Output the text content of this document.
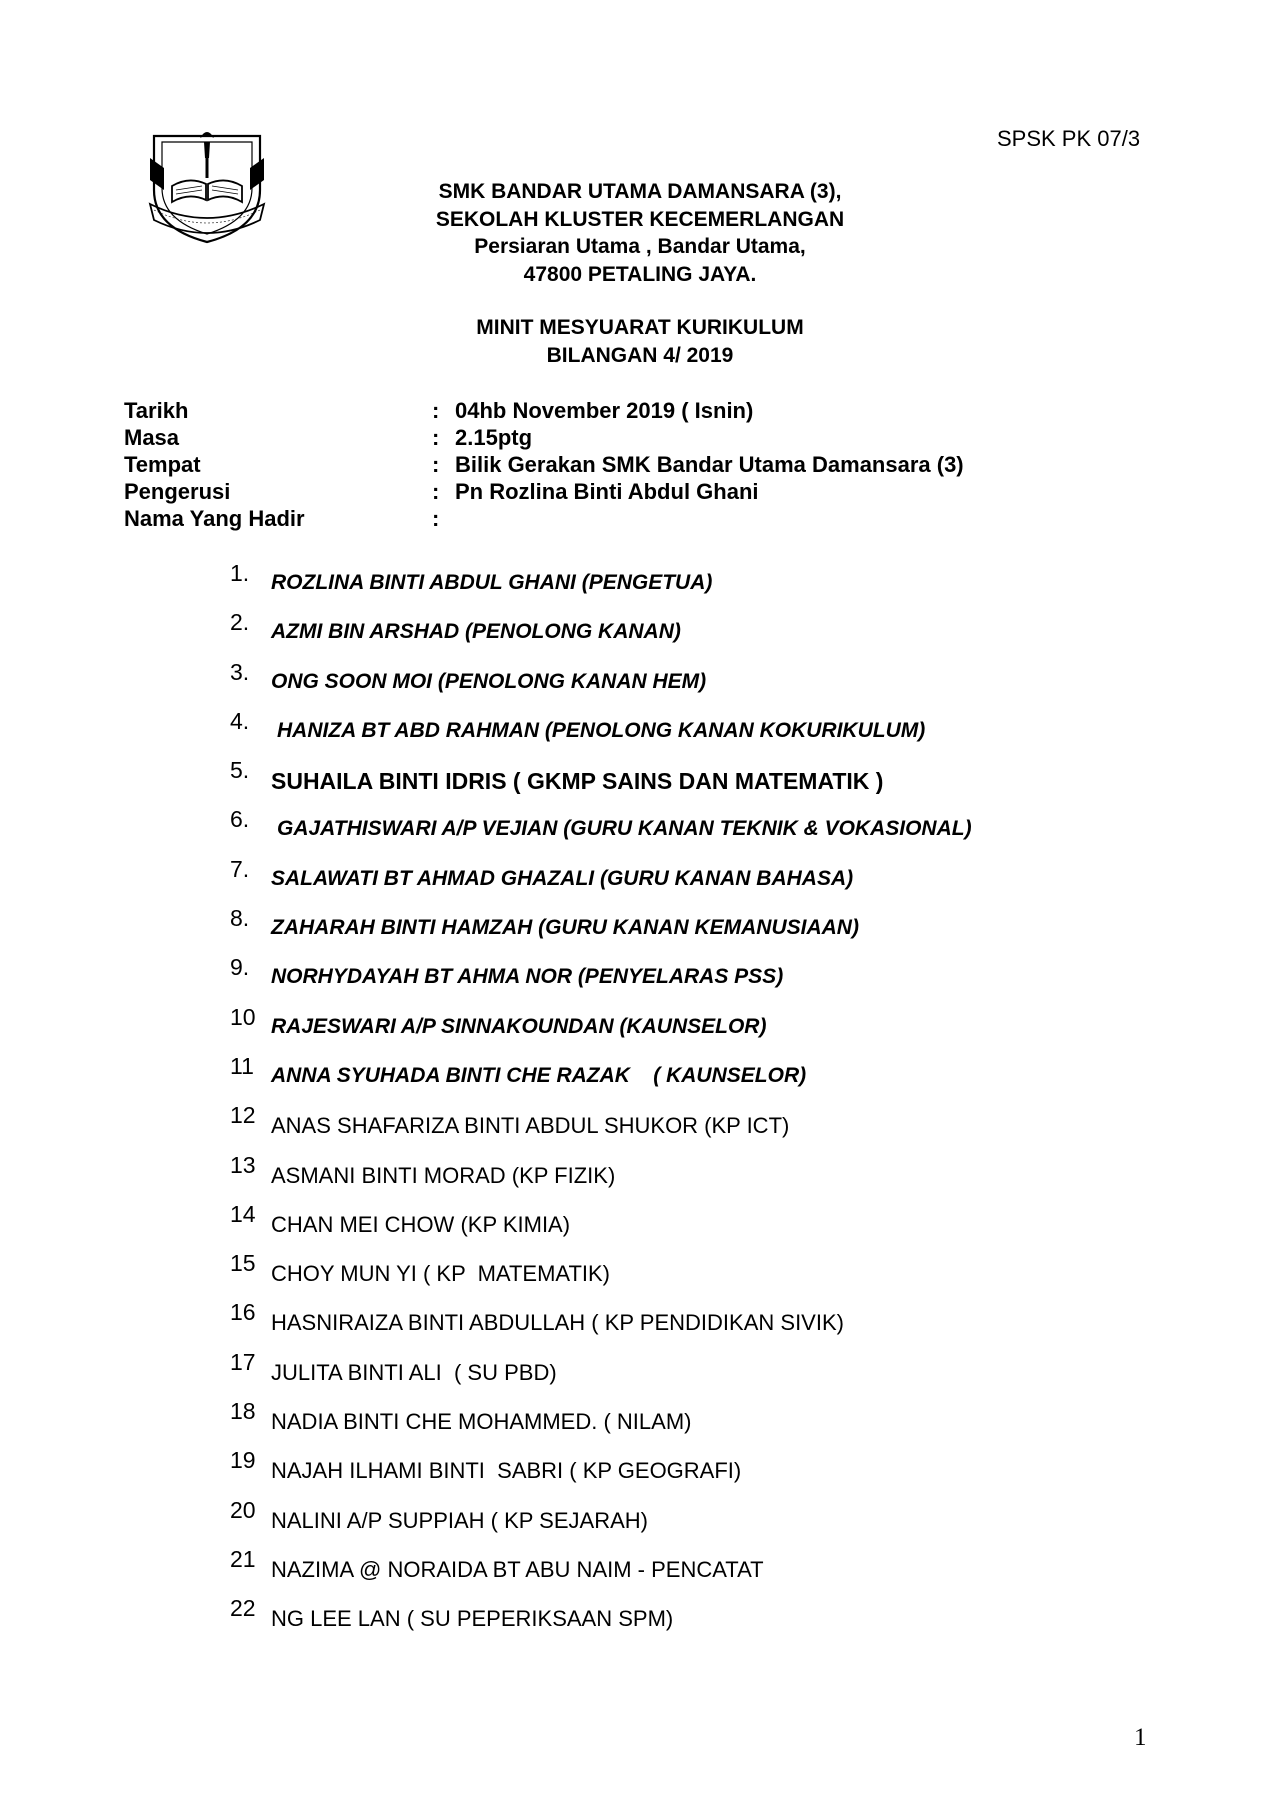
SPSK PK 07/3
SMK BANDAR UTAMA DAMANSARA (3),
SEKOLAH KLUSTER KECEMERLANGAN
Persiaran Utama , Bandar Utama,
47800 PETALING JAYA.
MINIT MESYUARAT KURIKULUM
BILANGAN 4/ 2019
Tarikh	: 04hb November 2019 ( Isnin)
Masa	: 2.15ptg
Tempat	: Bilik Gerakan SMK Bandar Utama Damansara (3)
Pengerusi	: Pn Rozlina Binti Abdul Ghani
Nama Yang Hadir	:
1. ROZLINA BINTI ABDUL GHANI (PENGETUA)
2. AZMI BIN ARSHAD (PENOLONG KANAN)
3. ONG SOON MOI (PENOLONG KANAN HEM)
4. HANIZA BT ABD RAHMAN (PENOLONG KANAN KOKURIKULUM)
5. SUHAILA BINTI IDRIS ( GKMP SAINS DAN MATEMATIK )
6. GAJATHISWARI A/P VEJIAN (GURU KANAN TEKNIK & VOKASIONAL)
7. SALAWATI BT AHMAD GHAZALI (GURU KANAN BAHASA)
8. ZAHARAH BINTI HAMZAH (GURU KANAN KEMANUSIAAN)
9. NORHYDAYAH BT AHMA NOR (PENYELARAS PSS)
10 RAJESWARI A/P SINNAKOUNDAN (KAUNSELOR)
11 ANNA SYUHADA BINTI CHE RAZAK    ( KAUNSELOR)
12 ANAS SHAFARIZA BINTI ABDUL SHUKOR (KP ICT)
13 ASMANI BINTI MORAD (KP FIZIK)
14 CHAN MEI CHOW (KP KIMIA)
15 CHOY MUN YI ( KP  MATEMATIK)
16 HASNIRAIZA BINTI ABDULLAH ( KP PENDIDIKAN SIVIK)
17 JULITA BINTI ALI  ( SU PBD)
18 NADIA BINTI CHE MOHAMMED. ( NILAM)
19 NAJAH ILHAMI BINTI  SABRI ( KP GEOGRAFI)
20 NALINI A/P SUPPIAH ( KP SEJARAH)
21 NAZIMA @ NORAIDA BT ABU NAIM - PENCATAT
22 NG LEE LAN ( SU PEPERIKSAAN SPM)
1
